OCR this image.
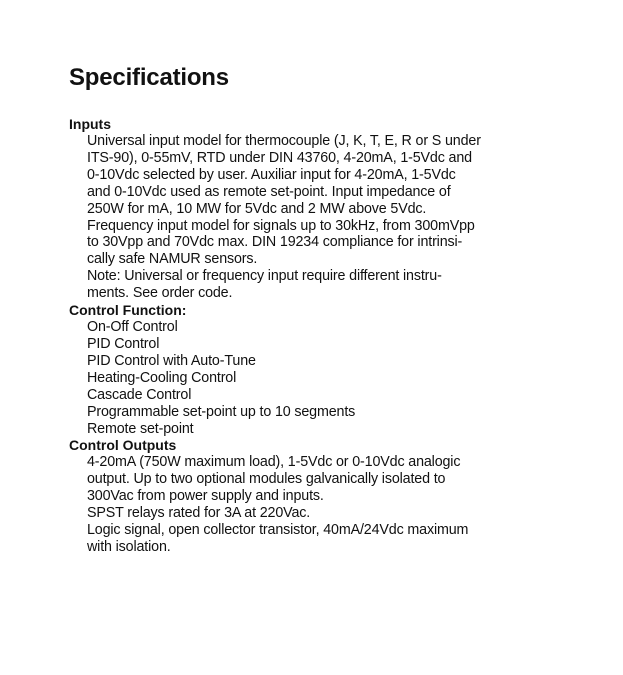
Specifications
Inputs
Universal input model for thermocouple (J, K, T, E, R or S under
ITS-90), 0-55mV, RTD under DIN 43760, 4-20mA, 1-5Vdc and
0-10Vdc selected by user. Auxiliar input for 4-20mA, 1-5Vdc
and 0-10Vdc used as remote set-point. Input impedance of
250W for mA, 10 MW for 5Vdc and 2 MW above 5Vdc.
Frequency input model for signals up to 30kHz, from 300mVpp
to 30Vpp and 70Vdc max. DIN 19234 compliance for intrinsi-
cally safe NAMUR sensors.
Note: Universal or frequency input require different instru-
ments. See order code.
Control Function:
On-Off Control
PID Control
PID Control with Auto-Tune
Heating-Cooling Control
Cascade Control
Programmable set-point up to 10 segments
Remote set-point
Control Outputs
4-20mA (750W maximum load), 1-5Vdc or 0-10Vdc analogic
output. Up to two optional modules galvanically isolated to
300Vac from power supply and inputs.
SPST relays rated for 3A at 220Vac.
Logic signal, open collector transistor, 40mA/24Vdc maximum
with isolation.
